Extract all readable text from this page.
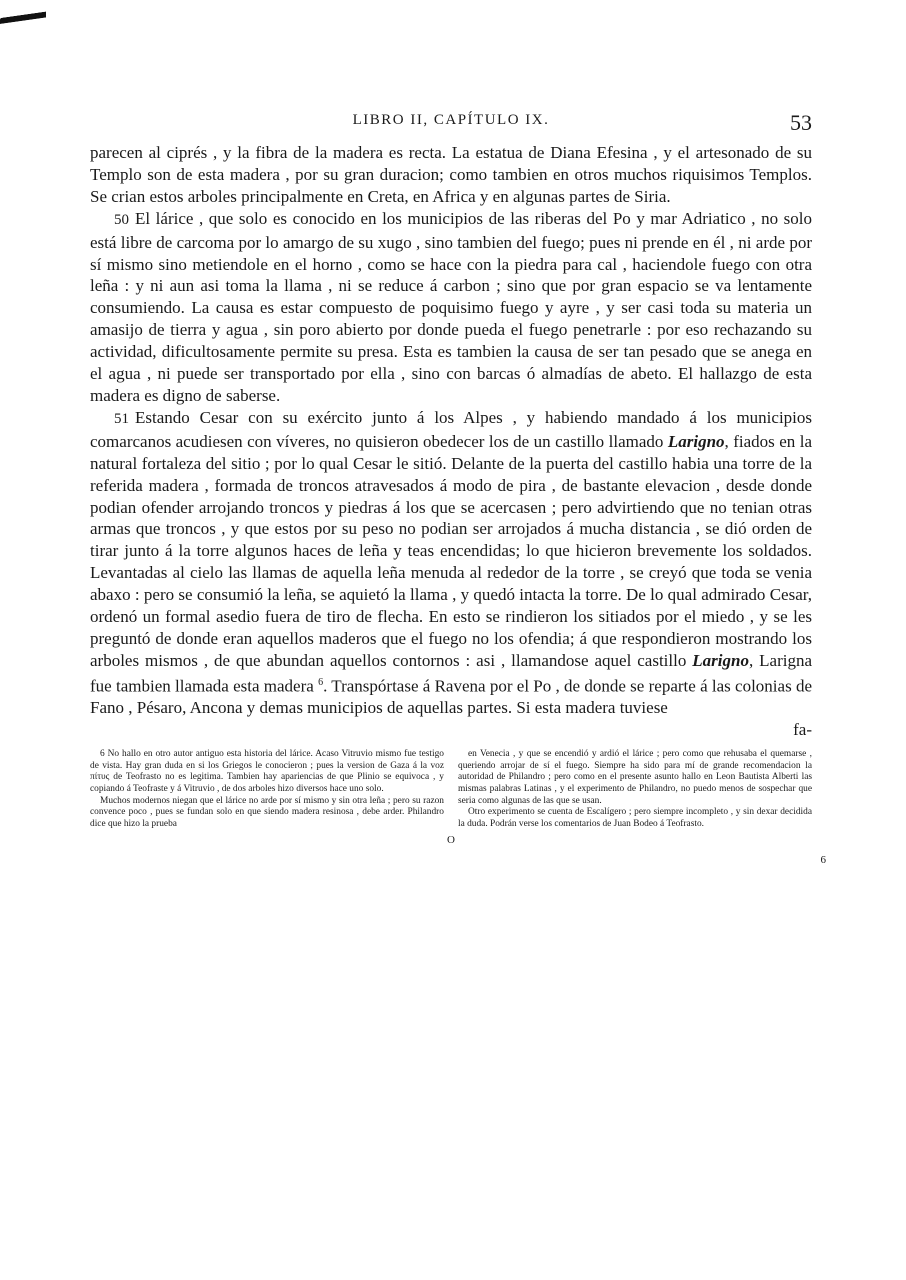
LIBRO II, CAPÍTULO IX.	53

parecen al ciprés , y la fibra de la madera es recta. La estatua de Diana Efesina , y el artesonado de su Templo son de esta madera , por su gran duracion; como tambien en otros muchos riquisimos Templos. Se crian estos arboles principalmente en Creta, en Africa y en algunas partes de Siria.

50 El lárice , que solo es conocido en los municipios de las riberas del Po y mar Adriatico , no solo está libre de carcoma por lo amargo de su xugo , sino tambien del fuego; pues ni prende en él , ni arde por sí mismo sino metiendole en el horno , como se hace con la piedra para cal , haciendole fuego con otra leña : y ni aun asi toma la llama , ni se reduce á carbon ; sino que por gran espacio se va lentamente consumiendo. La causa es estar compuesto de poquisimo fuego y ayre , y ser casi toda su materia un amasijo de tierra y agua , sin poro abierto por donde pueda el fuego penetrarle : por eso rechazando su actividad, dificultosamente permite su presa. Esta es tambien la causa de ser tan pesado que se anega en el agua , ni puede ser transportado por ella , sino con barcas ó almadías de abeto. El hallazgo de esta madera es digno de saberse.

51 Estando Cesar con su exército junto á los Alpes , y habiendo mandado á los municipios comarcanos acudiesen con víveres, no quisieron obedecer los de un castillo llamado Larigno, fiados en la natural fortaleza del sitio ; por lo qual Cesar le sitió. Delante de la puerta del castillo habia una torre de la referida madera , formada de troncos atravesados á modo de pira , de bastante elevacion , desde donde podian ofender arrojando troncos y piedras á los que se acercasen ; pero advirtiendo que no tenian otras armas que troncos , y que estos por su peso no podian ser arrojados á mucha distancia , se dió orden de tirar junto á la torre algunos haces de leña y teas encendidas; lo que hicieron brevemente los soldados. Levantadas al cielo las llamas de aquella leña menuda al rededor de la torre , se creyó que toda se venia abaxo : pero se consumió la leña, se aquietó la llama , y quedó intacta la torre. De lo qual admirado Cesar, ordenó un formal asedio fuera de tiro de flecha. En esto se rindieron los sitiados por el miedo , y se les preguntó de donde eran aquellos maderos que el fuego no los ofendia; á que respondieron mostrando los arboles mismos , de que abundan aquellos contornos : asi , llamandose aquel castillo Larigno, Larigna fue tambien llamada esta madera $^6$. Transpórtase á Ravena por el Po , de donde se reparte á las colonias de Fano , Pésaro, Ancona y demas municipios de aquellas partes. Si esta madera tuviese

fa-
6

6 No hallo en otro autor antiguo esta historia del lárice. Acaso Vitruvio mismo fue testigo de vista. Hay gran duda en si los Griegos le conocieron ; pues la version de Gaza á la voz πίτυς de Teofrasto no es legitima. Tambien hay apariencias de que Plinio se equivoca , y copiando á Teofraste y á Vitruvio , de dos arboles hizo diversos hace uno solo.

Muchos modernos niegan que el lárice no arde por sí mismo y sin otra leña ; pero su razon convence poco , pues se fundan solo en que siendo madera resinosa , debe arder. Philandro dice que hizo la prueba

en Venecia , y que se encendió y ardió el lárice ; pero como que rehusaba el quemarse , queriendo arrojar de sí el fuego. Siempre ha sido para mí de grande recomendacion la autoridad de Philandro ; pero como en el presente asunto hallo en Leon Bautista Alberti las mismas palabras Latinas , y el experimento de Philandro, no puedo menos de sospechar que seria como algunas de las que se usan.

Otro experimento se cuenta de Escalígero ; pero siempre incompleto , y sin dexar decidida la duda. Podrán verse los comentarios de Juan Bodeo á Teofrasto.

O
